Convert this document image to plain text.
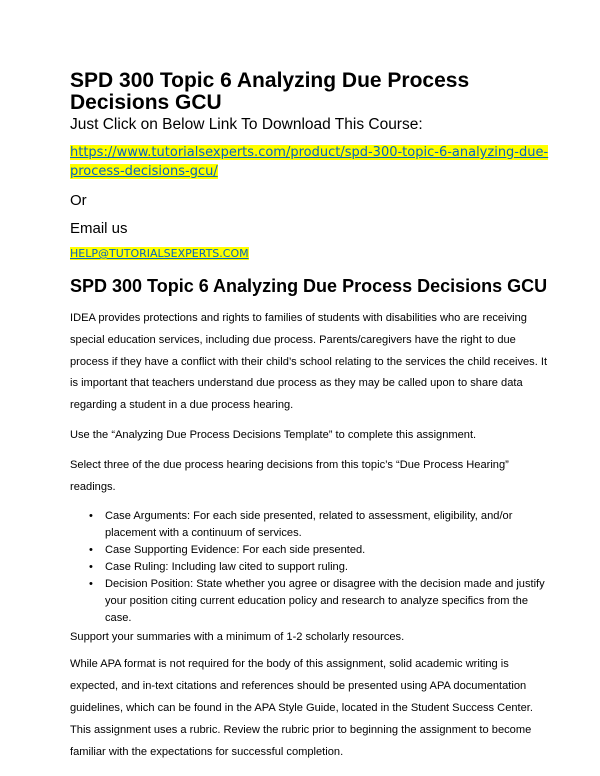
SPD 300 Topic 6 Analyzing Due Process Decisions GCU

Just Click on Below Link To Download This Course:

https://www.tutorialsexperts.com/product/spd-300-topic-6-analyzing-due-
process-decisions-gcu/

Or

Email us

HELP@TUTORIALSEXPERTS.COM
SPD 300 Topic 6 Analyzing Due Process Decisions GCU

IDEA provides protections and rights to families of students with disabilities who are receiving special education services, including due process. Parents/caregivers have the right to due process if they have a conflict with their child’s school relating to the services the child receives. It is important that teachers understand due process as they may be called upon to share data regarding a student in a due process hearing.

Use the “Analyzing Due Process Decisions Template” to complete this assignment.

Select three of the due process hearing decisions from this topic’s “Due Process Hearing” readings.

• Case Arguments: For each side presented, related to assessment, eligibility, and/or placement with a continuum of services.
• Case Supporting Evidence: For each side presented.
• Case Ruling: Including law cited to support ruling.
• Decision Position: State whether you agree or disagree with the decision made and justify your position citing current education policy and research to analyze specifics from the case.

Support your summaries with a minimum of 1-2 scholarly resources.

While APA format is not required for the body of this assignment, solid academic writing is expected, and in-text citations and references should be presented using APA documentation guidelines, which can be found in the APA Style Guide, located in the Student Success Center. This assignment uses a rubric. Review the rubric prior to beginning the assignment to become familiar with the expectations for successful completion.
